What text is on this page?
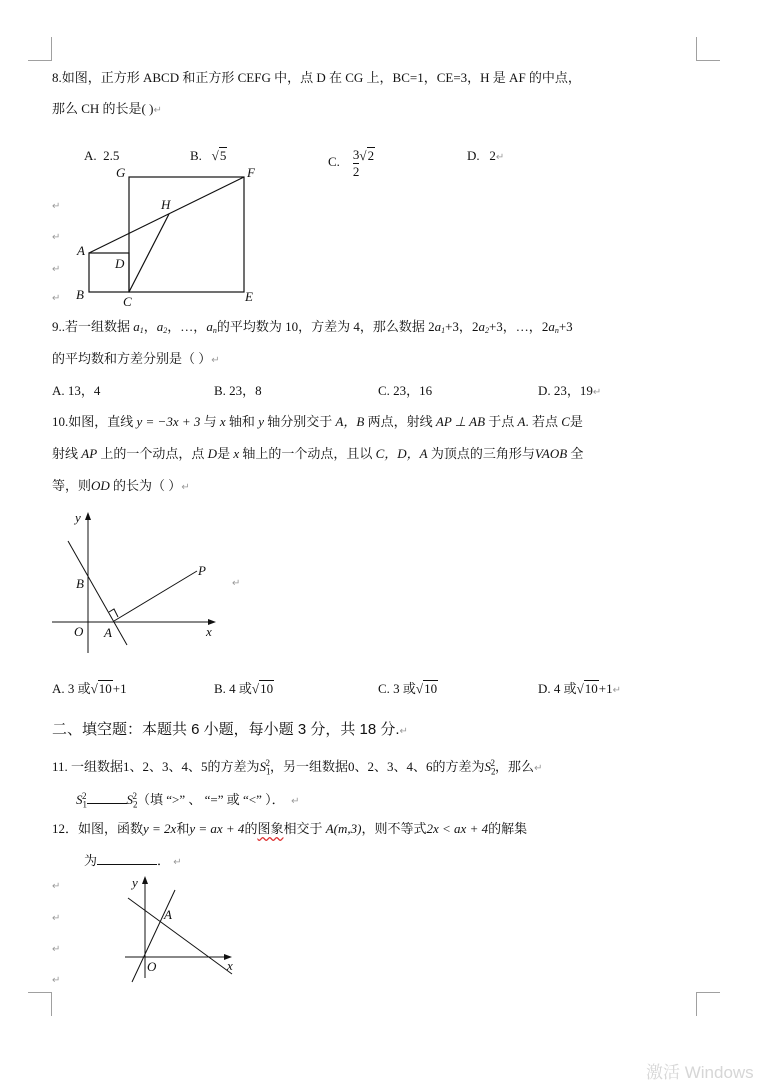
8.如图，正方形 ABCD 和正方形 CEFG 中，点 D 在 CG 上，BC=1，CE=3，H 是 AF 的中点，
那么 CH 的长是( )↵
A. 2.5	B. √5	C. $\frac{3}{2} √2$	D. 2↵
↵
↵
↵
↵
G	F
H
A
D
B	C	E
9..若一组数据 $a_1$，$a_2$，…，$a_n$的平均数为 10，方差为 4，那么数据 $2a_1+3$，$2a_2+3$，…，$2a_n+3$
的平均数和方差分别是（ ）↵
A. 13，4	B. 23，8	C. 23，16	D. 23，19↵
10.如图，直线 y = −3x + 3 与 x 轴和 y 轴分别交于 A，B 两点，射线 AP ⊥ AB 于点 A. 若点 C是
射线 AP 上的一个动点，点 D是 x 轴上的一个动点，且以 C，D，A 为顶点的三角形与VAOB 全
等，则OD 的长为（ ）↵
y
x
B
O A
P
↵
A. 3 或√10+1	B. 4 或√10	C. 3 或√10	D. 4 或√10+1↵
二、填空题：本题共 6 小题，每小题 3 分，共 18 分.↵
11. 一组数据1、2、3、4、5的方差为$S_1^2$，另一组数据0、2、3、4、6的方差为$S_2^2$，那么↵
$S_1^2$	$S_2^2$（填 “>” 、 “=” 或 “<” ）． ↵
12．如图，函数y = 2x和y = ax + 4的图象相交于 A(m,3)，则不等式2x < ax + 4的解集
为	． ↵
↵
↵
↵
↵
y
x
A
O
激活 Windows
